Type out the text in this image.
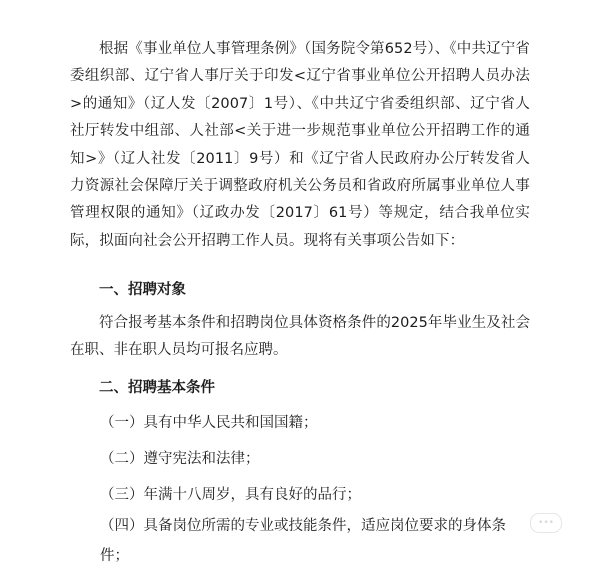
根据《事业单位人事管理条例》（国务院令第652号）、《中共辽宁省委组织部、辽宁省人事厅关于印发<辽宁省事业单位公开招聘人员办法>的通知》（辽人发〔2007〕1号）、《中共辽宁省委组织部、辽宁省人社厅转发中组部、人社部<关于进一步规范事业单位公开招聘工作的通知>》（辽人社发〔2011〕9号）和《辽宁省人民政府办公厅转发省人力资源社会保障厅关于调整政府机关公务员和省政府所属事业单位人事管理权限的通知》（辽政办发〔2017〕61号）等规定，结合我单位实际，拟面向社会公开招聘工作人员。现将有关事项公告如下：

一、招聘对象

符合报考基本条件和招聘岗位具体资格条件的2025年毕业生及社会在职、非在职人员均可报名应聘。

二、招聘基本条件

（一）具有中华人民共和国国籍；

（二）遵守宪法和法律；

（三）年满十八周岁，具有良好的品行；

（四）具备岗位所需的专业或技能条件，适应岗位要求的身体条件；

•••
